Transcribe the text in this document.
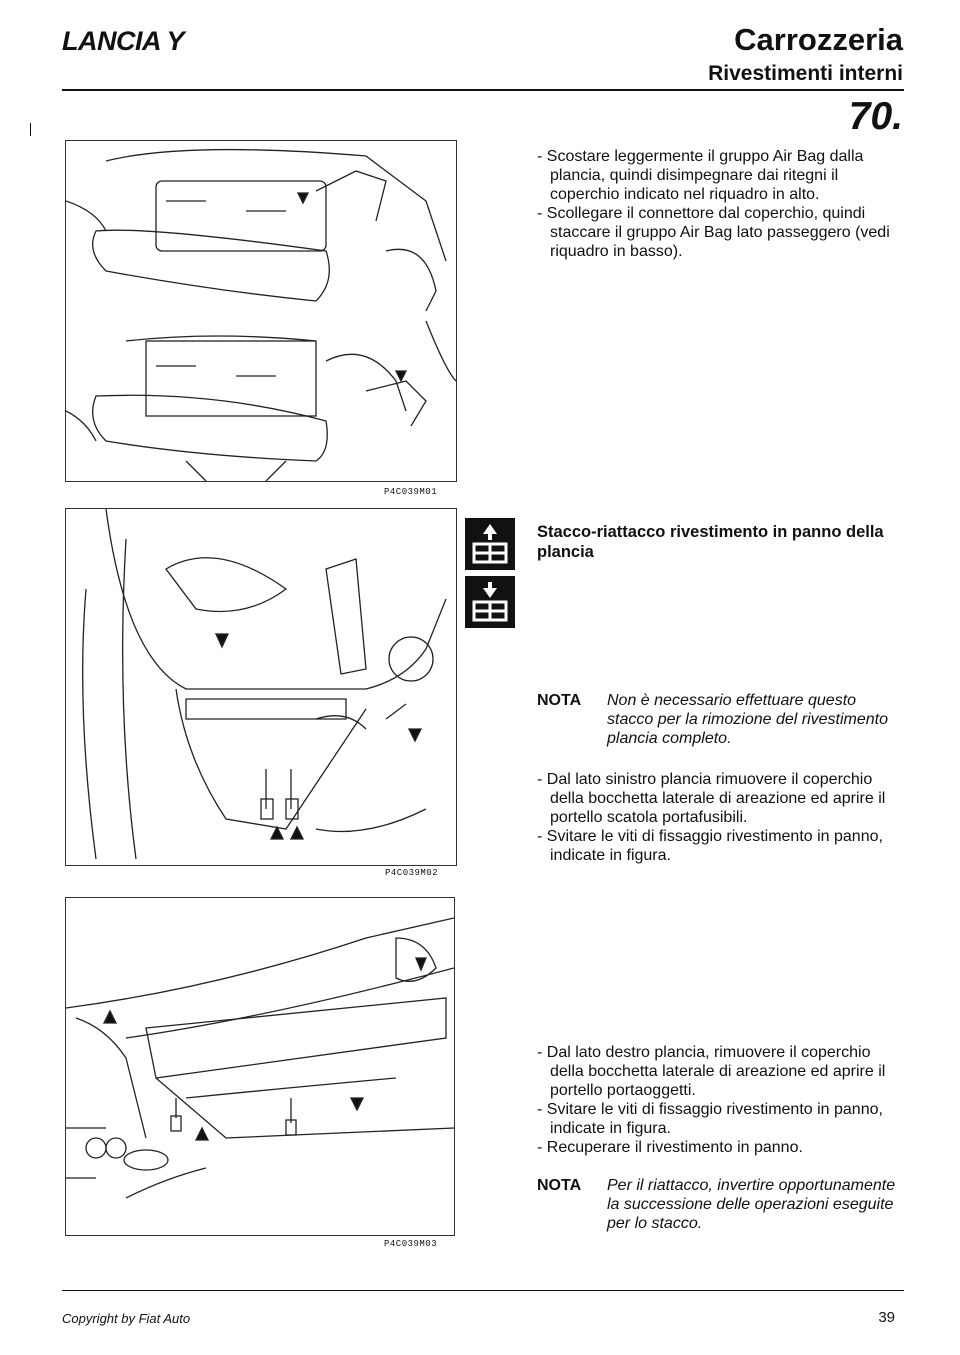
LANCIA Y	Carrozzeria
Rivestimenti interni
70.
P4C039M01
P4C039M02
P4C039M03

- Scostare leggermente il gruppo Air Bag dalla plancia, quindi disimpegnare dai ritegni il coperchio indicato nel riquadro in alto.

- Scollegare il connettore dal coperchio, quindi staccare il gruppo Air Bag lato passeggero (vedi riquadro in basso).

Stacco-riattacco rivestimento in panno della plancia
NOTA	Non è necessario effettuare questo stacco per la rimozione del rivestimento plancia completo.

- Dal lato sinistro plancia rimuovere il coperchio della bocchetta laterale di areazione ed aprire il portello scatola portafusibili.

- Svitare le viti di fissaggio rivestimento in panno, indicate in figura.

- Dal lato destro plancia, rimuovere il coperchio della bocchetta laterale di areazione ed aprire il portello portaoggetti.

- Svitare le viti di fissaggio rivestimento in panno, indicate in figura.

- Recuperare il rivestimento in panno.

NOTA	Per il riattacco, invertire opportunamente la successione delle operazioni eseguite per lo stacco.
Copyright by Fiat Auto	39
